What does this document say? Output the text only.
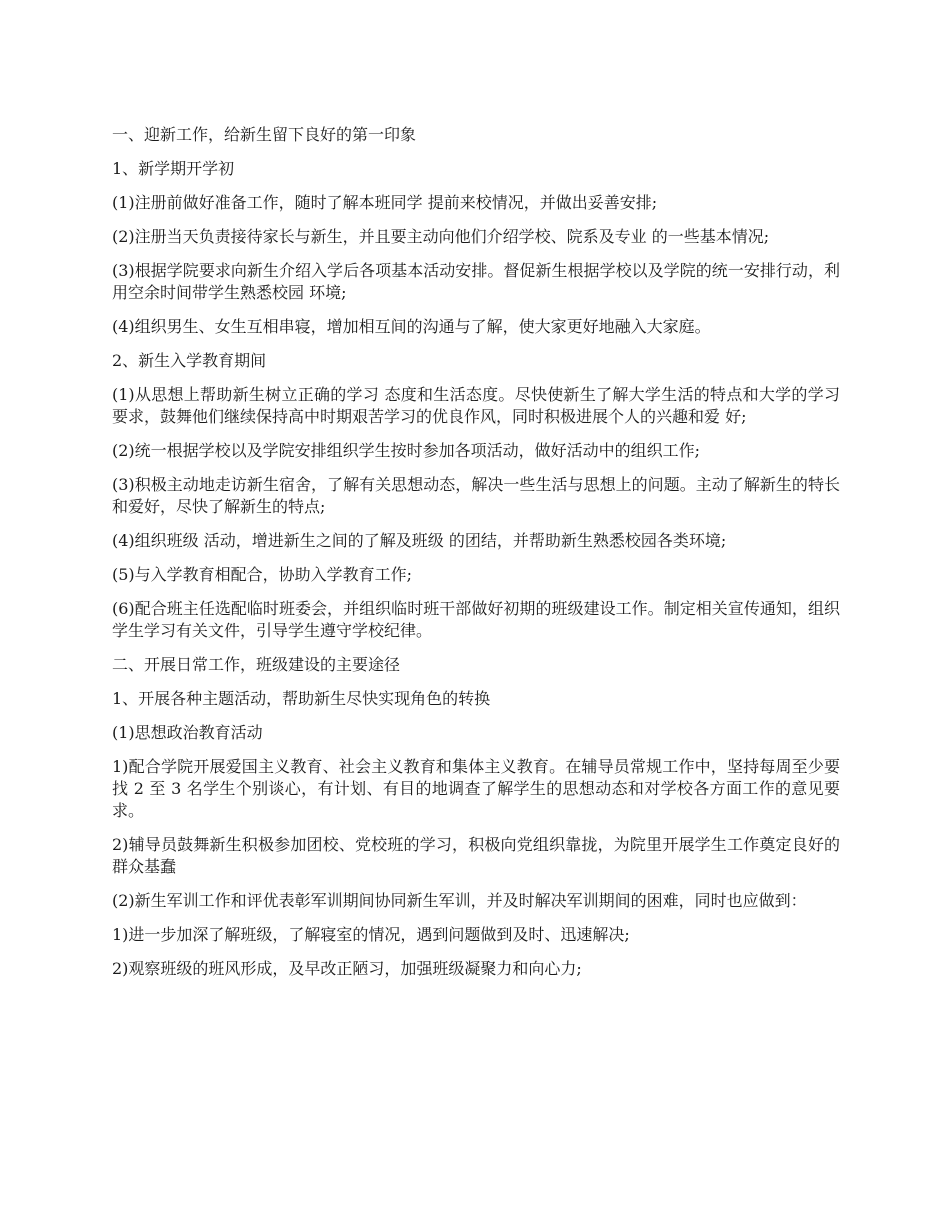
一、迎新工作，给新生留下良好的第一印象

1、新学期开学初

(1)注册前做好准备工作，随时了解本班同学 提前来校情况，并做出妥善安排;

(2)注册当天负责接待家长与新生，并且要主动向他们介绍学校、院系及专业 的一些基本情况;

(3)根据学院要求向新生介绍入学后各项基本活动安排。督促新生根据学校以及学院的统一安排行动，利用空余时间带学生熟悉校园 环境;

(4)组织男生、女生互相串寝，增加相互间的沟通与了解，使大家更好地融入大家庭。

2、新生入学教育期间

(1)从思想上帮助新生树立正确的学习 态度和生活态度。尽快使新生了解大学生活的特点和大学的学习 要求，鼓舞他们继续保持高中时期艰苦学习的优良作风，同时积极进展个人的兴趣和爱 好;

(2)统一根据学校以及学院安排组织学生按时参加各项活动，做好活动中的组织工作;

(3)积极主动地走访新生宿舍，了解有关思想动态，解决一些生活与思想上的问题。主动了解新生的特长和爱好，尽快了解新生的特点;

(4)组织班级 活动，增进新生之间的了解及班级 的团结，并帮助新生熟悉校园各类环境;

(5)与入学教育相配合，协助入学教育工作;

(6)配合班主任选配临时班委会，并组织临时班干部做好初期的班级建设工作。制定相关宣传通知，组织学生学习有关文件，引导学生遵守学校纪律。

二、开展日常工作，班级建设的主要途径

1、开展各种主题活动，帮助新生尽快实现角色的转换

(1)思想政治教育活动

1)配合学院开展爱国主义教育、社会主义教育和集体主义教育。在辅导员常规工作中，坚持每周至少要找 2 至 3 名学生个别谈心，有计划、有目的地调查了解学生的思想动态和对学校各方面工作的意见要求。

2)辅导员鼓舞新生积极参加团校、党校班的学习，积极向党组织靠拢，为院里开展学生工作奠定良好的群众基蠢

(2)新生军训工作和评优表彰军训期间协同新生军训，并及时解决军训期间的困难，同时也应做到：

1)进一步加深了解班级，了解寝室的情况，遇到问题做到及时、迅速解决;

2)观察班级的班风形成，及早改正陋习，加强班级凝聚力和向心力;
